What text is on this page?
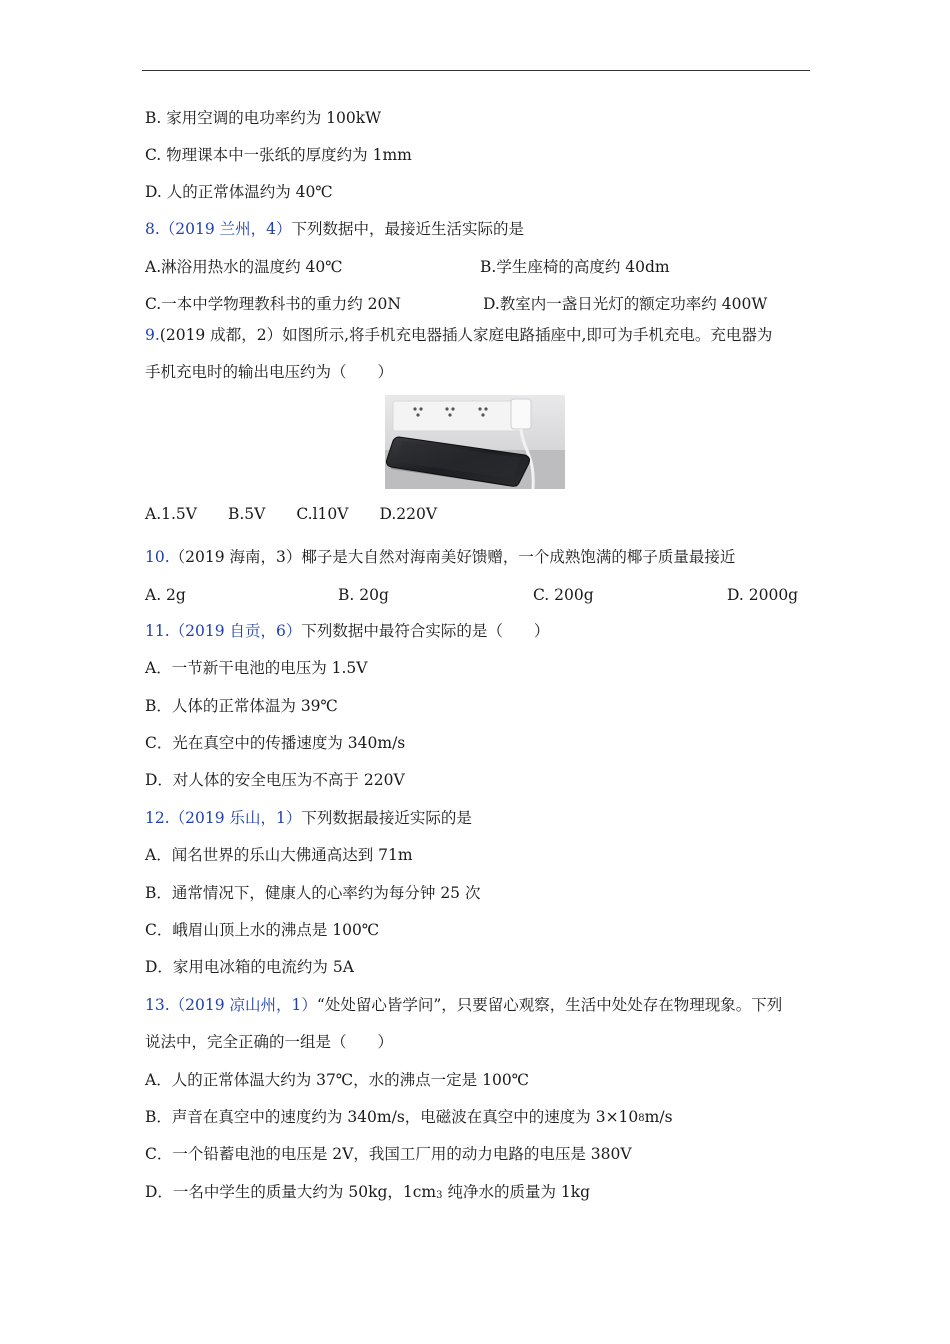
B. 家用空调的电功率约为 100kW
C. 物理课本中一张纸的厚度约为 1mm
D. 人的正常体温约为 40℃
8.（2019 兰州，4）下列数据中，最接近生活实际的是
A.淋浴用热水的温度约 40℃	B.学生座椅的高度约 40dm
C.一本中学物理教科书的重力约 20N	D.教室内一盏日光灯的额定功率约 400W
9.(2019 成都，2）如图所示,将手机充电器插人家庭电路插座中,即可为手机充电。充电器为
手机充电时的输出电压约为（　　）
A.1.5V　　B.5V　　C.l10V　　D.220V
10.（2019 海南，3）椰子是大自然对海南美好馈赠，一个成熟饱满的椰子质量最接近
A. 2g	B. 20g	C. 200g	D. 2000g
11.（2019 自贡，6）下列数据中最符合实际的是（　　）
A．一节新干电池的电压为 1.5V
B．人体的正常体温为 39℃
C．光在真空中的传播速度为 340m/s
D．对人体的安全电压为不高于 220V
12.（2019 乐山，1）下列数据最接近实际的是
A．闻名世界的乐山大佛通高达到 71m
B．通常情况下，健康人的心率约为每分钟 25 次
C．峨眉山顶上水的沸点是 100℃
D．家用电冰箱的电流约为 5A
13.（2019 凉山州，1）“处处留心皆学问”，只要留心观察，生活中处处存在物理现象。下列
说法中，完全正确的一组是（　　）
A．人的正常体温大约为 37℃，水的沸点一定是 100℃
B．声音在真空中的速度约为 340m/s，电磁波在真空中的速度为 3×108m/s
C．一个铅蓄电池的电压是 2V，我国工厂用的动力电路的电压是 380V
D．一名中学生的质量大约为 50kg，1cm3 纯净水的质量为 1kg
